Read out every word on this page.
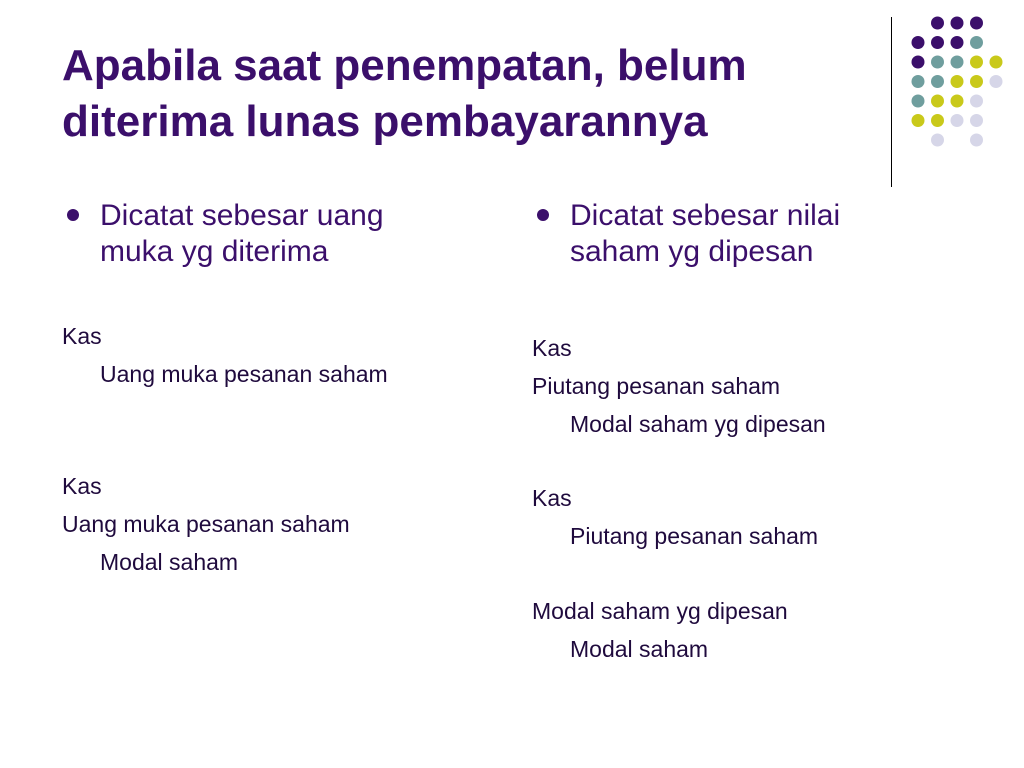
Apabila saat penempatan, belum
diterima lunas pembayarannya
Dicatat sebesar uang
muka yg diterima

Kas

Uang muka pesanan saham

Kas

Uang muka pesanan saham

Modal saham

Dicatat sebesar nilai
saham yg dipesan

Kas

Piutang pesanan saham

Modal saham yg dipesan

Kas

Piutang pesanan saham

Modal saham yg dipesan

Modal saham
